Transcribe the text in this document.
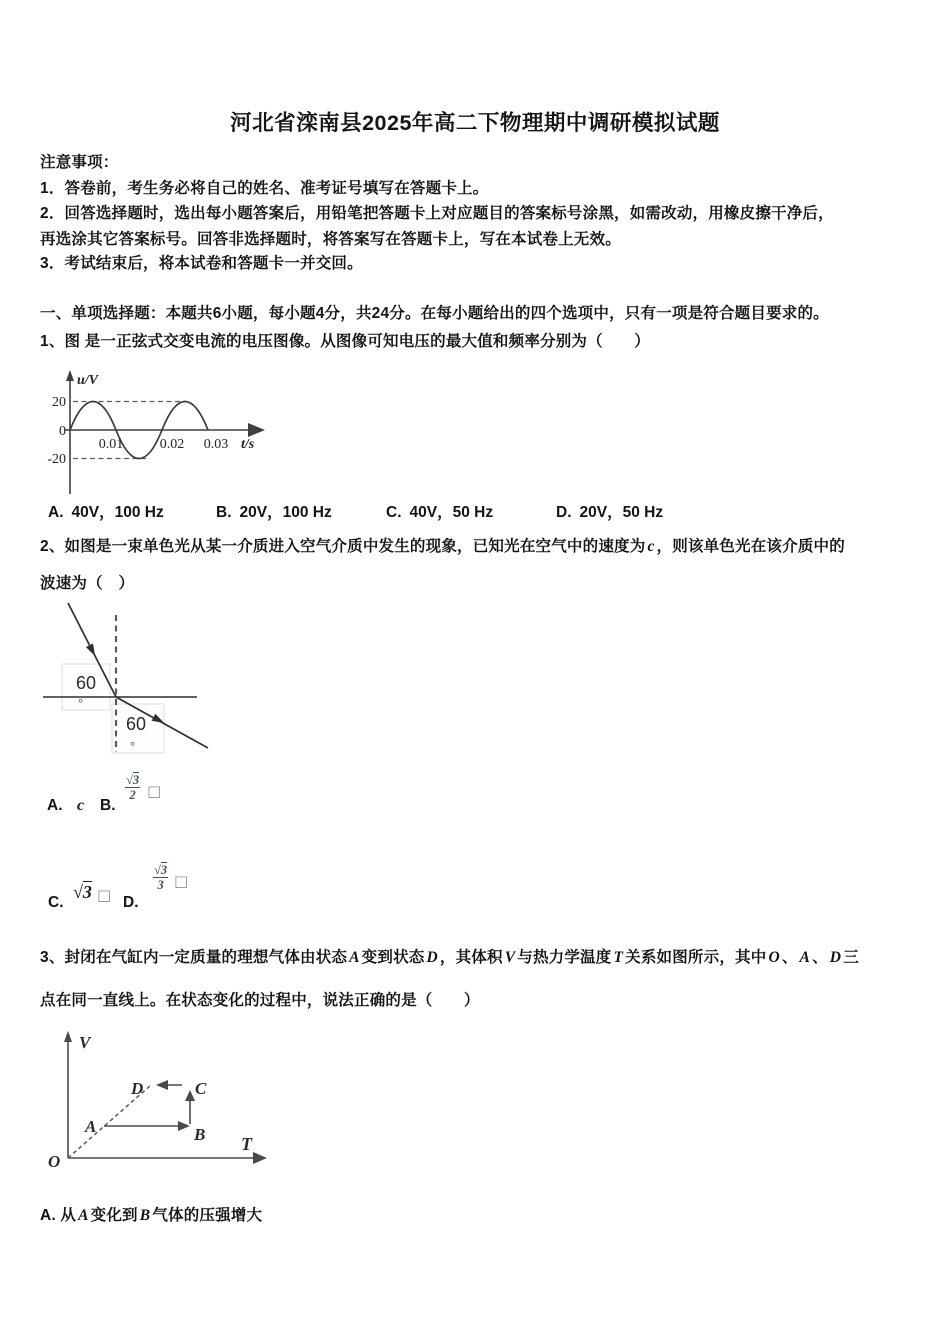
河北省滦南县2025年高二下物理期中调研模拟试题
注意事项：
1．答卷前，考生务必将自己的姓名、准考证号填写在答题卡上。
2．回答选择题时，选出每小题答案后，用铅笔把答题卡上对应题目的答案标号涂黑，如需改动，用橡皮擦干净后，
再选涂其它答案标号。回答非选择题时，将答案写在答题卡上，写在本试卷上无效。
3．考试结束后，将本试卷和答题卡一并交回。
一、单项选择题：本题共6小题，每小题4分，共24分。在每小题给出的四个选项中，只有一项是符合题目要求的。
1、图 是一正弦式交变电流的电压图像。从图像可知电压的最大值和频率分别为（　　）
u/V
t/s
20
0
-20
0.01	0.02 0.03
A. 40V，100 Hz	B. 20V，100 Hz	C. 40V，50 Hz	D. 20V，50 Hz
2、如图是一束单色光从某一介质进入空气介质中发生的现象，已知光在空气中的速度为 c ，则该单色光在该介质中的
波速为（　）
60
°
60
°
A. c B.
$\frac{√3}{2}$ □
C.
√3 □ D.
$\frac{√3}{3}$ □
3、封闭在气缸内一定质量的理想气体由状态 A 变到状态 D ，其体积 V 与热力学温度 T 关系如图所示，其中 O 、 A 、 D 三
点在同一直线上。在状态变化的过程中，说法正确的是（　　）
V
T
O
A	B
C
D
A. 从 A 变化到 B 气体的压强增大
